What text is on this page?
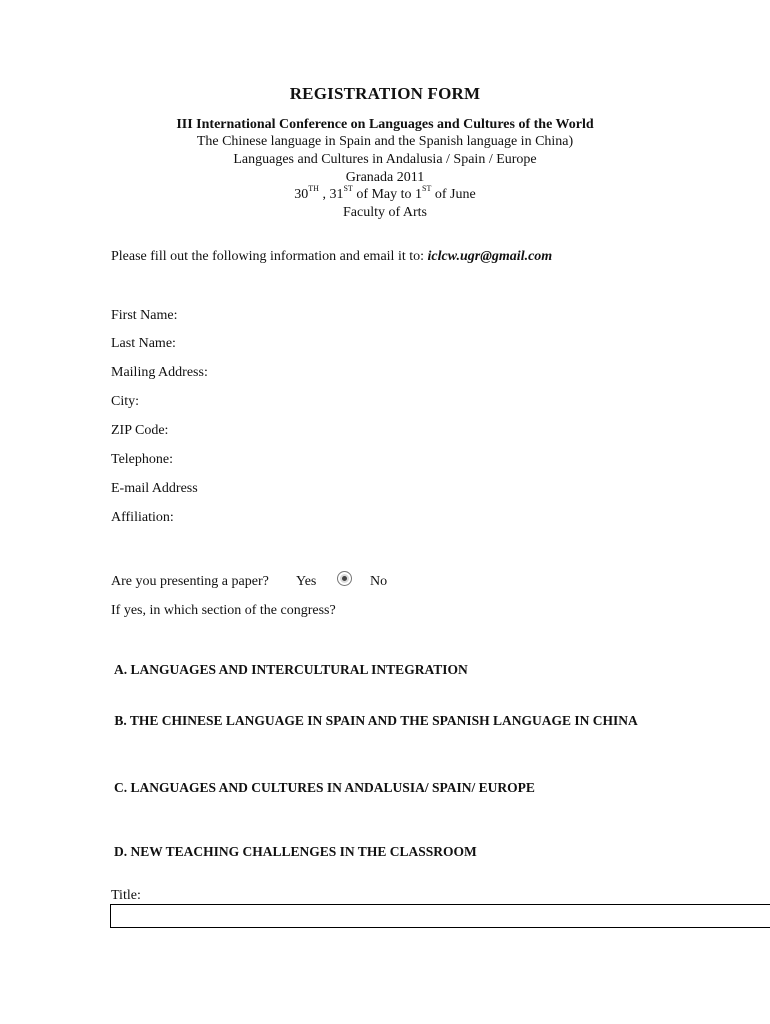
REGISTRATION FORM
III International Conference on Languages and Cultures of the World
The Chinese language in Spain and the Spanish language in China)
Languages and Cultures in Andalusia / Spain / Europe
Granada 2011
30TH , 31ST of May to 1ST of June
Faculty of Arts
Please fill out the following information and email it to: iclcw.ugr@gmail.com
First Name:
Last Name:
Mailing Address:
City:
ZIP Code:
Telephone:
E-mail Address
Affiliation:
Are you presenting a paper? Yes	No
If yes, in which section of the congress?
A. LANGUAGES AND INTERCULTURAL INTEGRATION
B. THE CHINESE LANGUAGE IN SPAIN AND THE SPANISH LANGUAGE IN CHINA
C. LANGUAGES AND CULTURES IN ANDALUSIA/ SPAIN/ EUROPE
D. NEW TEACHING CHALLENGES IN THE CLASSROOM
Title:
